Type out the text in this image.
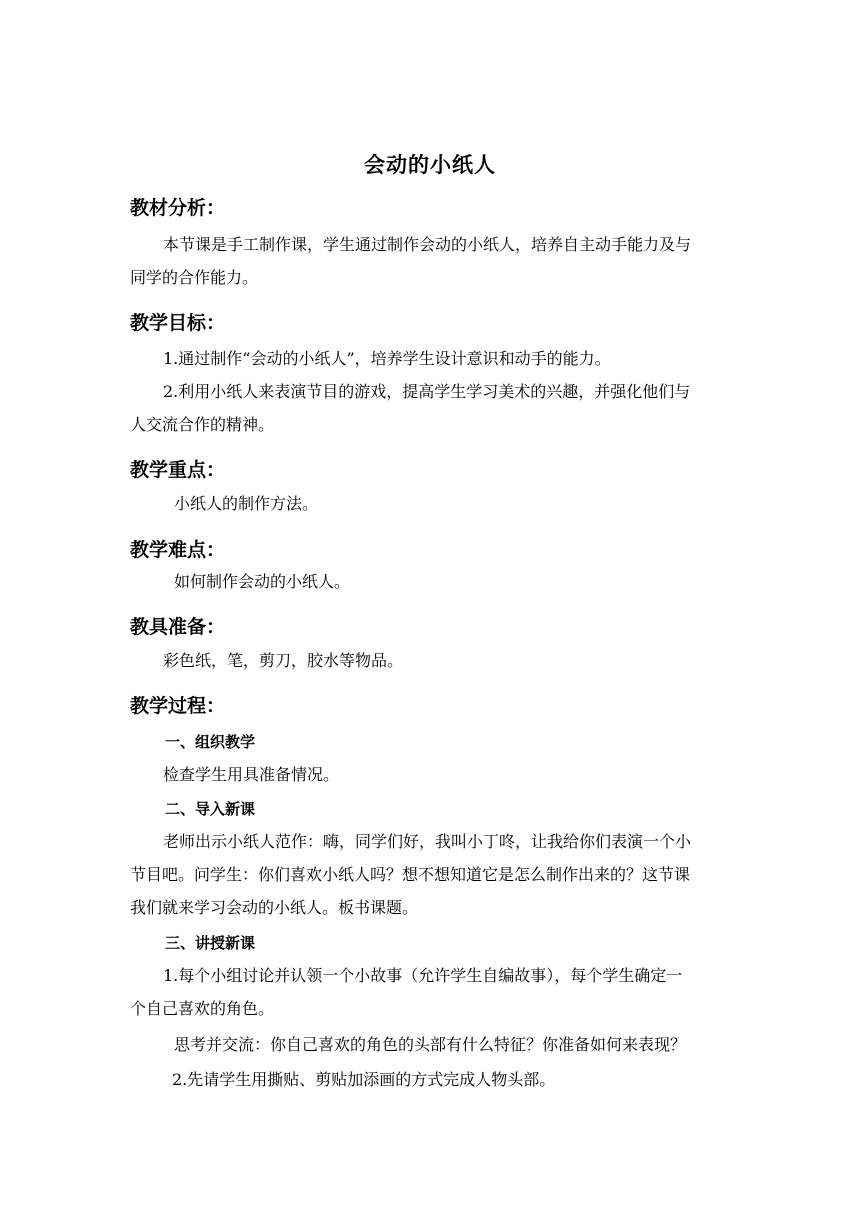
会动的小纸人
教材分析：
本节课是手工制作课，学生通过制作会动的小纸人，培养自主动手能力及与
同学的合作能力。
教学目标：
1.通过制作“会动的小纸人”，培养学生设计意识和动手的能力。
2.利用小纸人来表演节目的游戏，提高学生学习美术的兴趣，并强化他们与
人交流合作的精神。
教学重点：
小纸人的制作方法。
教学难点：
如何制作会动的小纸人。
教具准备：
彩色纸，笔，剪刀，胶水等物品。
教学过程：
一、组织教学
检查学生用具准备情况。
二、导入新课
老师出示小纸人范作：嗨，同学们好，我叫小丁咚，让我给你们表演一个小
节目吧。问学生：你们喜欢小纸人吗？想不想知道它是怎么制作出来的？这节课
我们就来学习会动的小纸人。板书课题。
三、讲授新课
1.每个小组讨论并认领一个小故事（允许学生自编故事），每个学生确定一
个自己喜欢的角色。
思考并交流：你自己喜欢的角色的头部有什么特征？你准备如何来表现？
2.先请学生用撕贴、剪贴加添画的方式完成人物头部。
